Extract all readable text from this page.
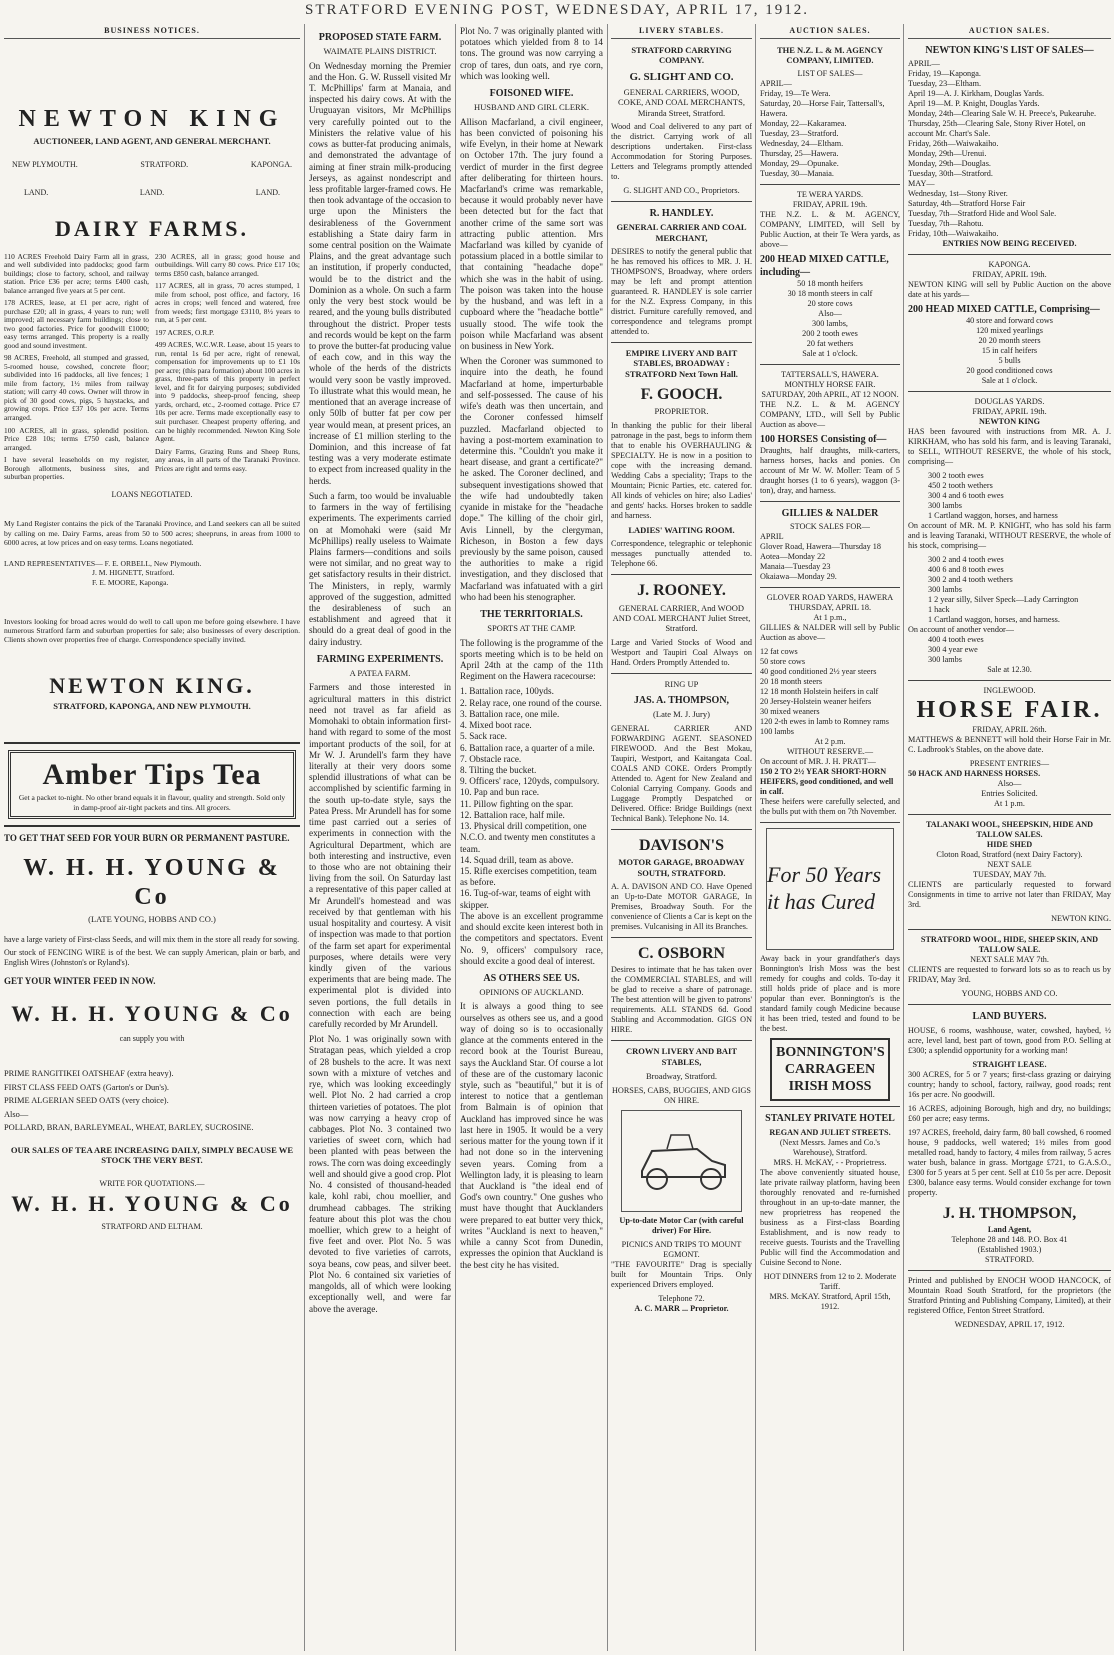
STRATFORD EVENING POST, WEDNESDAY, APRIL 17, 1912.
BUSINESS NOTICES.
NEWTON KING
AUCTIONEER, LAND AGENT, AND GENERAL MERCHANT.
NEW PLYMOUTH.	STRATFORD.	KAPONGA.
LAND.	LAND.	LAND.
DAIRY FARMS.

110 ACRES Freehold Dairy Farm all in grass, and well subdivided into paddocks; good farm buildings; close to factory, school, and railway station. Price £36 per acre; terms £400 cash, balance arranged five years at 5 per cent.

178 ACRES, lease, at £1 per acre, right of purchase £20; all in grass, 4 years to run; well improved; all necessary farm buildings; close to two good factories. Price for goodwill £1000; easy terms arranged. This property is a really good and sound investment.

98 ACRES, Freehold, all stumped and grassed, 5-roomed house, cowshed, concrete floor; subdivided into 16 paddocks, all live fences; 1 mile from factory, 1½ miles from railway station; will carry 40 cows. Owner will throw in pick of 30 good cows, pigs, 5 haystacks, and growing crops. Price £37 10s per acre. Terms arranged.

100 ACRES, all in grass, splendid position. Price £28 10s; terms £750 cash, balance arranged.

I have several leaseholds on my register, Borough allotments, business sites, and suburban properties.

230 ACRES, all in grass; good house and outbuildings. Will carry 80 cows. Price £17 10s; terms £850 cash, balance arranged.

117 ACRES, all in grass, 70 acres stumped, 1 mile from school, post office, and factory, 16 acres in crops; well fenced and watered, free from weeds; first mortgage £3110, 8½ years to run, at 5 per cent.

197 ACRES, O.R.P.

499 ACRES, W.C.W.R. Lease, about 15 years to run, rental 1s 6d per acre, right of renewal, compensation for improvements up to £1 10s per acre; (this para formation) about 100 acres in grass, three-parts of this property in perfect level, and fit for dairying purposes; subdivided into 9 paddocks, sheep-proof fencing, sheep yards, orchard, etc., 2-roomed cottage. Price £7 10s per acre. Terms made exceptionally easy to suit purchaser. Cheapest property offering, and can be highly recommended. Newton King Sole Agent.

Dairy Farms, Grazing Runs and Sheep Runs, any areas, in all parts of the Taranaki Province. Prices are right and terms easy.

LOANS NEGOTIATED.

My Land Register contains the pick of the Taranaki Province, and Land seekers can all be suited by calling on me. Dairy Farms, areas from 50 to 500 acres; sheepruns, in areas from 1000 to 6000 acres, at low prices and on easy terms. Loans negotiated.

LAND REPRESENTATIVES— F. E. ORBELL, New Plymouth.
J. M. HIGNETT, Stratford.
F. E. MOORE, Kaponga.

Investors looking for broad acres would do well to call upon me before going elsewhere. I have numerous Stratford farm and suburban properties for sale; also businesses of every description. Clients shown over properties free of charge. Correspondence specially invited.

NEWTON KING.
STRATFORD, KAPONGA, AND NEW PLYMOUTH.
Amber Tips Tea
Get a packet to-night. No other brand equals it in flavour, quality and strength. Sold only in damp-proof air-tight packets and tins. All grocers.
TO GET THAT SEED FOR YOUR BURN OR PERMANENT PASTURE.
W. H. H. YOUNG & Co
(LATE YOUNG, HOBBS AND CO.)

have a large variety of First-class Seeds, and will mix them in the store all ready for sowing.

Our stock of FENCING WIRE is of the best. We can supply American, plain or barb, and English Wires (Johnston's or Ryland's).

GET YOUR WINTER FEED IN NOW.
W. H. H. YOUNG & Co
can supply you with
PRIME RANGITIKEI OATSHEAF (extra heavy).
FIRST CLASS FEED OATS (Garton's or Dun's).
PRIME ALGERIAN SEED OATS (very choice).
Also—
POLLARD, BRAN, BARLEYMEAL, WHEAT, BARLEY, SUCROSINE.
OUR SALES OF TEA ARE INCREASING DAILY, SIMPLY BECAUSE WE STOCK THE VERY BEST.
WRITE FOR QUOTATIONS.—
W. H. H. YOUNG & Co
STRATFORD AND ELTHAM.
PROPOSED STATE FARM.
WAIMATE PLAINS DISTRICT.

On Wednesday morning the Premier and the Hon. G. W. Russell visited Mr T. McPhillips' farm at Manaia, and inspected his dairy cows. At with the Uruguayan visitors, Mr McPhillips very carefully pointed out to the Ministers the relative value of his cows as butter-fat producing animals, and demonstrated the advantage of aiming at finer strain milk-producing Jerseys, as against nondescript and less profitable larger-framed cows. He then took advantage of the occasion to urge upon the Ministers the desirableness of the Government establishing a State dairy farm in some central position on the Waimate Plains, and the great advantage such an institution, if properly conducted, would be to the district and the Dominion as a whole. On such a farm only the very best stock would be reared, and the young bulls distributed throughout the district. Proper tests and records would be kept on the farm to prove the butter-fat producing value of each cow, and in this way the whole of the herds of the districts would very soon be vastly improved. To illustrate what this would mean, he mentioned that an average increase of only 50lb of butter fat per cow per year would mean, at present prices, an increase of £1 million sterling to the Dominion, and this increase of fat testing was a very moderate estimate to expect from increased quality in the herds.

Such a farm, too would be invaluable to farmers in the way of fertilising experiments. The experiments carried on at Momohaki were (said Mr McPhillips) really useless to Waimate Plains farmers—conditions and soils were not similar, and no great way to get satisfactory results in their district. The Ministers, in reply, warmly approved of the suggestion, admitted the desirableness of such an establishment and agreed that it should do a great deal of good in the dairy industry.

FARMING EXPERIMENTS.
A PATEA FARM.

Farmers and those interested in agricultural matters in this district need not travel as far afield as Momohaki to obtain information first-hand with regard to some of the most important products of the soil, for at Mr W. J. Arundell's farm they have literally at their very doors some splendid illustrations of what can be accomplished by scientific farming in the south up-to-date style, says the Patea Press. Mr Arundell has for some time past carried out a series of experiments in connection with the Agricultural Department, which are both interesting and instructive, even to those who are not obtaining their living from the soil. On Saturday last a representative of this paper called at Mr Arundell's homestead and was received by that gentleman with his usual hospitality and courtesy. A visit of inspection was made to that portion of the farm set apart for experimental purposes, where details were very kindly given of the various experiments that are being made. The experimental plot is divided into seven portions, the full details in connection with each are being carefully recorded by Mr Arundell.

Plot No. 1 was originally sown with Stratagan peas, which yielded a crop of 28 bushels to the acre. It was next sown with a mixture of vetches and rye, which was looking exceedingly well. Plot No. 2 had carried a crop thirteen varieties of potatoes. The plot was now carrying a heavy crop of cabbages. Plot No. 3 contained two varieties of sweet corn, which had been planted with peas between the rows. The corn was doing exceedingly well and should give a good crop. Plot No. 4 consisted of thousand-headed kale, kohl rabi, chou moellier, and drumhead cabbages. The striking feature about this plot was the chou moellier, which grew to a height of five feet and over. Plot No. 5 was devoted to five varieties of carrots, soya beans, cow peas, and silver beet. Plot No. 6 contained six varieties of mangolds, all of which were looking exceptionally well, and were far above the average.

Plot No. 7 was originally planted with potatoes which yielded from 8 to 14 tons. The ground was now carrying a crop of tares, dun oats, and rye corn, which was looking well.

FOISONED WIFE.
HUSBAND AND GIRL CLERK.

Allison Macfarland, a civil engineer, has been convicted of poisoning his wife Evelyn, in their home at Newark on October 17th. The jury found a verdict of murder in the first degree after deliberating for thirteen hours. Macfarland's crime was remarkable, because it would probably never have been detected but for the fact that another crime of the same sort was attracting public attention. Mrs Macfarland was killed by cyanide of potassium placed in a bottle similar to that containing "headache dope" which she was in the habit of using. The poison was taken into the house by the husband, and was left in a cupboard where the "headache bottle" usually stood. The wife took the poison while Macfarland was absent on business in New York.

When the Coroner was summoned to inquire into the death, he found Macfarland at home, imperturbable and self-possessed. The cause of his wife's death was then uncertain, and the Coroner confessed himself puzzled. Macfarland objected to having a post-mortem examination to determine this. "Couldn't you make it heart disease, and grant a certificate?" he asked. The Coroner declined, and subsequent investigations showed that the wife had undoubtedly taken cyanide in mistake for the "headache dope." The killing of the choir girl, Avis Linnell, by the clergyman, Richeson, in Boston a few days previously by the same poison, caused the authorities to make a rigid investigation, and they disclosed that Macfarland was infatuated with a girl who had been his stenographer.

THE TERRITORIALS.
SPORTS AT THE CAMP.

The following is the programme of the sports meeting which is to be held on April 24th at the camp of the 11th Regiment on the Hawera racecourse:

1. Battalion race, 100yds.
2. Relay race, one round of the course.
3. Battalion race, one mile.
4. Mixed boot race.
5. Sack race.
6. Battalion race, a quarter of a mile.
7. Obstacle race.
8. Tilting the bucket.
9. Officers' race, 120yds, compulsory.
10. Pap and bun race.
11. Pillow fighting on the spar.
12. Battalion race, half mile.
13. Physical drill competition, one N.C.O. and twenty men constitutes a team.
14. Squad drill, team as above.
15. Rifle exercises competition, team as before.
16. Tug-of-war, teams of eight with skipper.

The above is an excellent programme and should excite keen interest both in the competitors and spectators. Event No. 9, officers' compulsory race, should excite a good deal of interest.

AS OTHERS SEE US.
OPINIONS OF AUCKLAND.

It is always a good thing to see ourselves as others see us, and a good way of doing so is to occasionally glance at the comments entered in the record book at the Tourist Bureau, says the Auckland Star. Of course a lot of these are of the customary laconic style, such as "beautiful," but it is of interest to notice that a gentleman from Balmain is of opinion that Auckland has improved since he was last here in 1905. It would be a very serious matter for the young town if it had not done so in the intervening seven years. Coming from a Wellington lady, it is pleasing to learn that Auckland is "the ideal end of God's own country." One gushes who must have thought that Aucklanders were prepared to eat butter very thick, writes "Auckland is next to heaven," while a canny Scot from Dunedin, expresses the opinion that Auckland is the best city he has visited.

LIVERY STABLES.
STRATFORD CARRYING COMPANY.
G. SLIGHT AND CO.
GENERAL CARRIERS, WOOD, COKE, AND COAL MERCHANTS, Miranda Street, Stratford.

Wood and Coal delivered to any part of the district. Carrying work of all descriptions undertaken. First-class Accommodation for Storing Purposes. Letters and Telegrams promptly attended to.

G. SLIGHT AND CO., Proprietors.
R. HANDLEY.
GENERAL CARRIER AND COAL MERCHANT,

DESIRES to notify the general public that he has removed his offices to MR. J. H. THOMPSON'S, Broadway, where orders may be left and prompt attention guaranteed. R. HANDLEY is sole carrier for the N.Z. Express Company, in this district. Furniture carefully removed, and correspondence and telegrams prompt attended to.

EMPIRE LIVERY AND BAIT STABLES, BROADWAY : STRATFORD Next Town Hall.
F. GOOCH.
PROPRIETOR.

In thanking the public for their liberal patronage in the past, begs to inform them that to enable his OVERHAULING & SPECIALTY. He is now in a position to cope with the increasing demand. Wedding Cabs a speciality; Traps to the Mountain; Picnic Parties, etc. catered for. All kinds of vehicles on hire; also Ladies' and gents' hacks. Horses broken to saddle and harness.

LADIES' WAITING ROOM.

Correspondence, telegraphic or telephonic messages punctually attended to. Telephone 66.

J. ROONEY.
GENERAL CARRIER, And WOOD AND COAL MERCHANT Juliet Street, Stratford.

Large and Varied Stocks of Wood and Westport and Taupiri Coal Always on Hand. Orders Promptly Attended to.

RING UP
JAS. A. THOMPSON,
(Late M. J. Jury)

GENERAL CARRIER AND FORWARDING AGENT. SEASONED FIREWOOD. And the Best Mokau, Taupiri, Westport, and Kaitangata Coal. COALS AND COKE. Orders Promptly Attended to. Agent for New Zealand and Colonial Carrying Company. Goods and Luggage Promptly Despatched or Delivered. Office: Bridge Buildings (next Technical Bank). Telephone No. 14.

DAVISON'S
MOTOR GARAGE, BROADWAY SOUTH, STRATFORD.

A. A. DAVISON AND CO. Have Opened an Up-to-Date MOTOR GARAGE, In Premises, Broadway South. For the convenience of Clients a Car is kept on the premises. Vulcanising in All its Branches.

C. OSBORN

Desires to intimate that he has taken over the COMMERCIAL STABLES, and will be glad to receive a share of patronage. The best attention will be given to patrons' requirements. ALL STANDS 6d. Good Stabling and Accommodation. GIGS ON HIRE.

CROWN LIVERY AND BAIT STABLES,
Broadway, Stratford.
HORSES, CABS, BUGGIES, AND GIGS ON HIRE.
Up-to-date Motor Car (with careful driver) For Hire.
PICNICS AND TRIPS TO MOUNT EGMONT.

"THE FAVOURITE" Drag is specially built for Mountain Trips. Only experienced Drivers employed.

Telephone 72.
A. C. MARR ... Proprietor.
AUCTION SALES.
THE N.Z. L. & M. AGENCY COMPANY, LIMITED.
LIST OF SALES—
APRIL—
Friday, 19—Te Wera.
Saturday, 20—Horse Fair, Tattersall's, Hawera.
Monday, 22—Kakaramea.
Tuesday, 23—Stratford.
Wednesday, 24—Eltham.
Thursday, 25—Hawera.
Monday, 29—Opunake.
Tuesday, 30—Manaia.
TE WERA YARDS.
FRIDAY, APRIL 19th.

THE N.Z. L. & M. AGENCY, COMPANY, LIMITED, will Sell by Public Auction, at their Te Wera yards, as above—

200 HEAD MIXED CATTLE, including—
50 18 month heifers
30 18 month steers in calf
20 store cows
Also—
300 lambs,
200 2 tooth ewes
20 fat wethers
Sale at 1 o'clock.
TATTERSALL'S, HAWERA.
MONTHLY HORSE FAIR.
SATURDAY, 20th APRIL, AT 12 NOON.

THE N.Z. L. & M. AGENCY COMPANY, LTD., will Sell by Public Auction as above—

100 HORSES Consisting of—

Draughts, half draughts, milk-carters, harness horses, hacks and ponies. On account of Mr W. W. Moller: Team of 5 draught horses (1 to 6 years), waggon (3-ton), dray, and harness.

GILLIES & NALDER
STOCK SALES FOR—
APRIL
Glover Road, Hawera—Thursday 18
Aotea—Monday 22
Manaia—Tuesday 23
Okaiawa—Monday 29.
GLOVER ROAD YARDS, HAWERA
THURSDAY, APRIL 18.
At 1 p.m.,

GILLIES & NALDER will sell by Public Auction as above—

12 fat cows
50 store cows
40 good conditioned 2½ year steers
20 18 month steers
12 18 month Holstein heifers in calf
20 Jersey-Holstein weaner heifers
30 mixed weaners
120 2-th ewes in lamb to Romney rams
100 lambs
At 2 p.m.
WITHOUT RESERVE.—
On account of MR. J. H. PRATT—
150 2 TO 2½ YEAR SHORT-HORN HEIFERS, good conditioned, and well in calf.

These heifers were carefully selected, and the bulls put with them on 7th November.

For 50 Years it has Cured

Away back in your grandfather's days Bonnington's Irish Moss was the best remedy for coughs and colds. To-day it still holds pride of place and is more popular than ever. Bonnington's is the standard family cough Medicine because it has been tried, tested and found to be the best.

BONNINGTON'S CARRAGEEN IRISH MOSS
STANLEY PRIVATE HOTEL
REGAN AND JULIET STREETS.
(Next Messrs. James and Co.'s Warehouse), Stratford.
MRS. H. McKAY, - - Proprietress.

The above conveniently situated house, late private railway platform, having been thoroughly renovated and re-furnished throughout in an up-to-date manner, the new proprietress has reopened the business as a First-class Boarding Establishment, and is now ready to receive guests. Tourists and the Travelling Public will find the Accommodation and Cuisine Second to None.

HOT DINNERS from 12 to 2. Moderate Tariff.
MRS. McKAY. Stratford, April 15th, 1912.
AUCTION SALES.
NEWTON KING'S LIST OF SALES—
APRIL—
Friday, 19—Kaponga.
Tuesday, 23—Eltham.
April 19—A. J. Kirkham, Douglas Yards.
April 19—M. P. Knight, Douglas Yards.
Monday, 24th—Clearing Sale W. H. Preece's, Pukearuhe.
Thursday, 25th—Clearing Sale, Stony River Hotel, on account Mr. Chart's Sale.
Friday, 26th—Waiwakaiho.
Monday, 29th—Urenui.
Monday, 29th—Douglas.
Tuesday, 30th—Stratford.
MAY—
Wednesday, 1st—Stony River.
Saturday, 4th—Stratford Horse Fair
Tuesday, 7th—Stratford Hide and Wool Sale.
Tuesday, 7th—Rahotu.
Friday, 10th—Waiwakaiho.
ENTRIES NOW BEING RECEIVED.
KAPONGA.
FRIDAY, APRIL 19th.

NEWTON KING will sell by Public Auction on the above date at his yards—

200 HEAD MIXED CATTLE, Comprising—
40 store and forward cows
120 mixed yearlings
20 20 month steers
15 in calf heifers
5 bulls
20 good conditioned cows
Sale at 1 o'clock.
DOUGLAS YARDS.
FRIDAY, APRIL 19th.
NEWTON KING

HAS been favoured with instructions from MR. A. J. KIRKHAM, who has sold his farm, and is leaving Taranaki, to SELL, WITHOUT RESERVE, the whole of his stock, comprising—

300 2 tooth ewes
450 2 tooth wethers
300 4 and 6 tooth ewes
300 lambs
1 Cartland waggon, horses, and harness

On account of MR. M. P. KNIGHT, who has sold his farm and is leaving Taranaki, WITHOUT RESERVE, the whole of his stock, comprising—

300 2 and 4 tooth ewes
400 6 and 8 tooth ewes
300 2 and 4 tooth wethers
300 lambs
1 2 year silly, Silver Speck—Lady Carrington
1 hack
1 Cartland waggon, horses, and harness.
On account of another vendor—
400 4 tooth ewes
300 4 year ewe
300 lambs
Sale at 12.30.
INGLEWOOD.
HORSE FAIR.
FRIDAY, APRIL 26th.

MATTHEWS & BENNETT will hold their Horse Fair in Mr. C. Ladbrook's Stables, on the above date.

PRESENT ENTRIES—
50 HACK AND HARNESS HORSES.
Also—
Entries Solicited.
At 1 p.m.
TALANAKI WOOL, SHEEPSKIN, HIDE AND TALLOW SALES.
HIDE SHED
Cloton Road, Stratford (next Dairy Factory).
NEXT SALE
TUESDAY, MAY 7th.

CLIENTS are particularly requested to forward Consignments in time to arrive not later than FRIDAY, May 3rd.

NEWTON KING.
STRATFORD WOOL, HIDE, SHEEP SKIN, AND TALLOW SALE.
NEXT SALE MAY 7th.

CLIENTS are requested to forward lots so as to reach us by FRIDAY, May 3rd.

YOUNG, HOBBS AND CO.
LAND BUYERS.

HOUSE, 6 rooms, washhouse, water, cowshed, haybed, ½ acre, level land, best part of town, good from P.O. Selling at £300; a splendid opportunity for a working man!

STRAIGHT LEASE.

300 ACRES, for 5 or 7 years; first-class grazing or dairying country; handy to school, factory, railway, good roads; rent 16s per acre. No goodwill.

16 ACRES, adjoining Borough, high and dry, no buildings; £60 per acre; easy terms.

197 ACRES, freehold, dairy farm, 80 ball cowshed, 6 roomed house, 9 paddocks, well watered; 1½ miles from good metalled road, handy to factory, 4 miles from railway, 5 acres water bush, balance in grass. Mortgage £721, to G.A.S.O., £300 for 5 years at 5 per cent. Sell at £10 5s per acre. Deposit £300, balance easy terms. Would consider exchange for town property.

J. H. THOMPSON,
Land Agent,
Telephone 28 and 148. P.O. Box 41
(Established 1903.)
STRATFORD.

Printed and published by ENOCH WOOD HANCOCK, of Mountain Road South Stratford, for the proprietors (the Stratford Printing and Publishing Company, Limited), at their registered Office, Fenton Street Stratford.

WEDNESDAY, APRIL 17, 1912.
